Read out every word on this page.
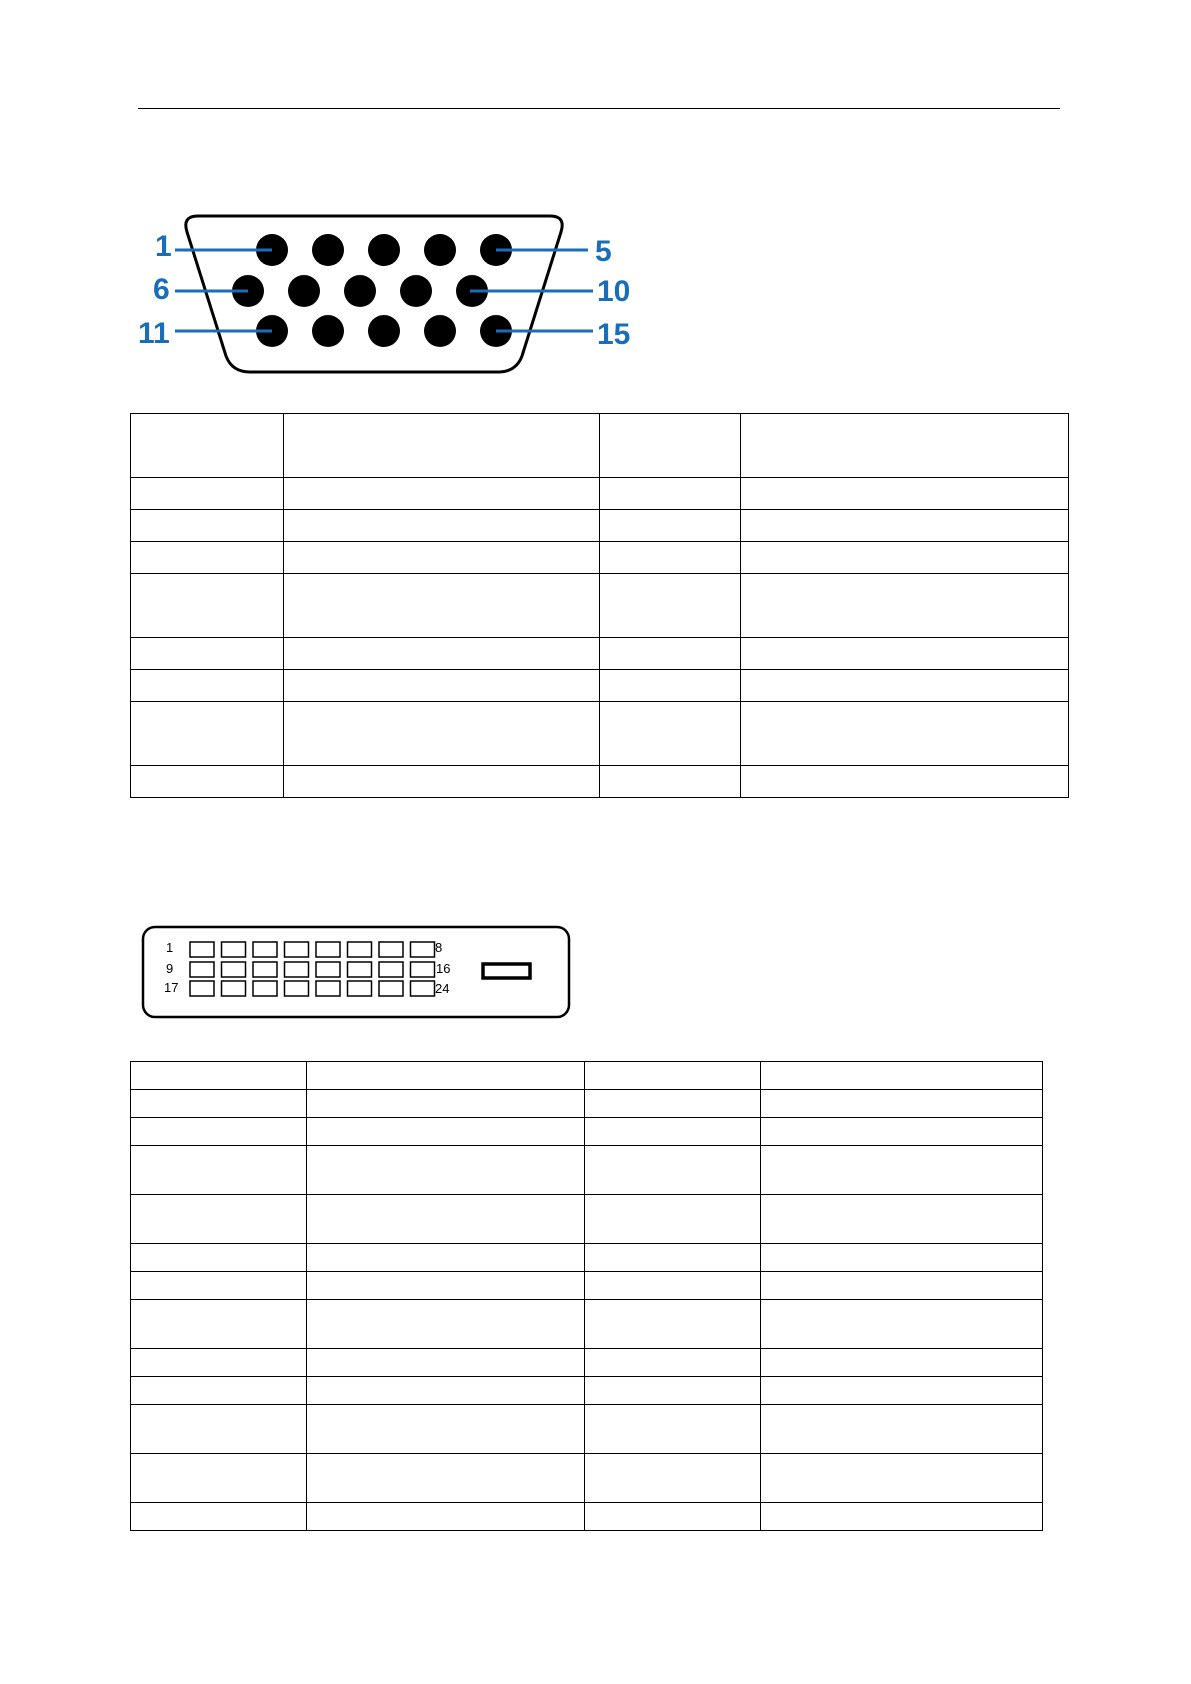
1	5
6	10
11	15

1	8
9	16
17	24
